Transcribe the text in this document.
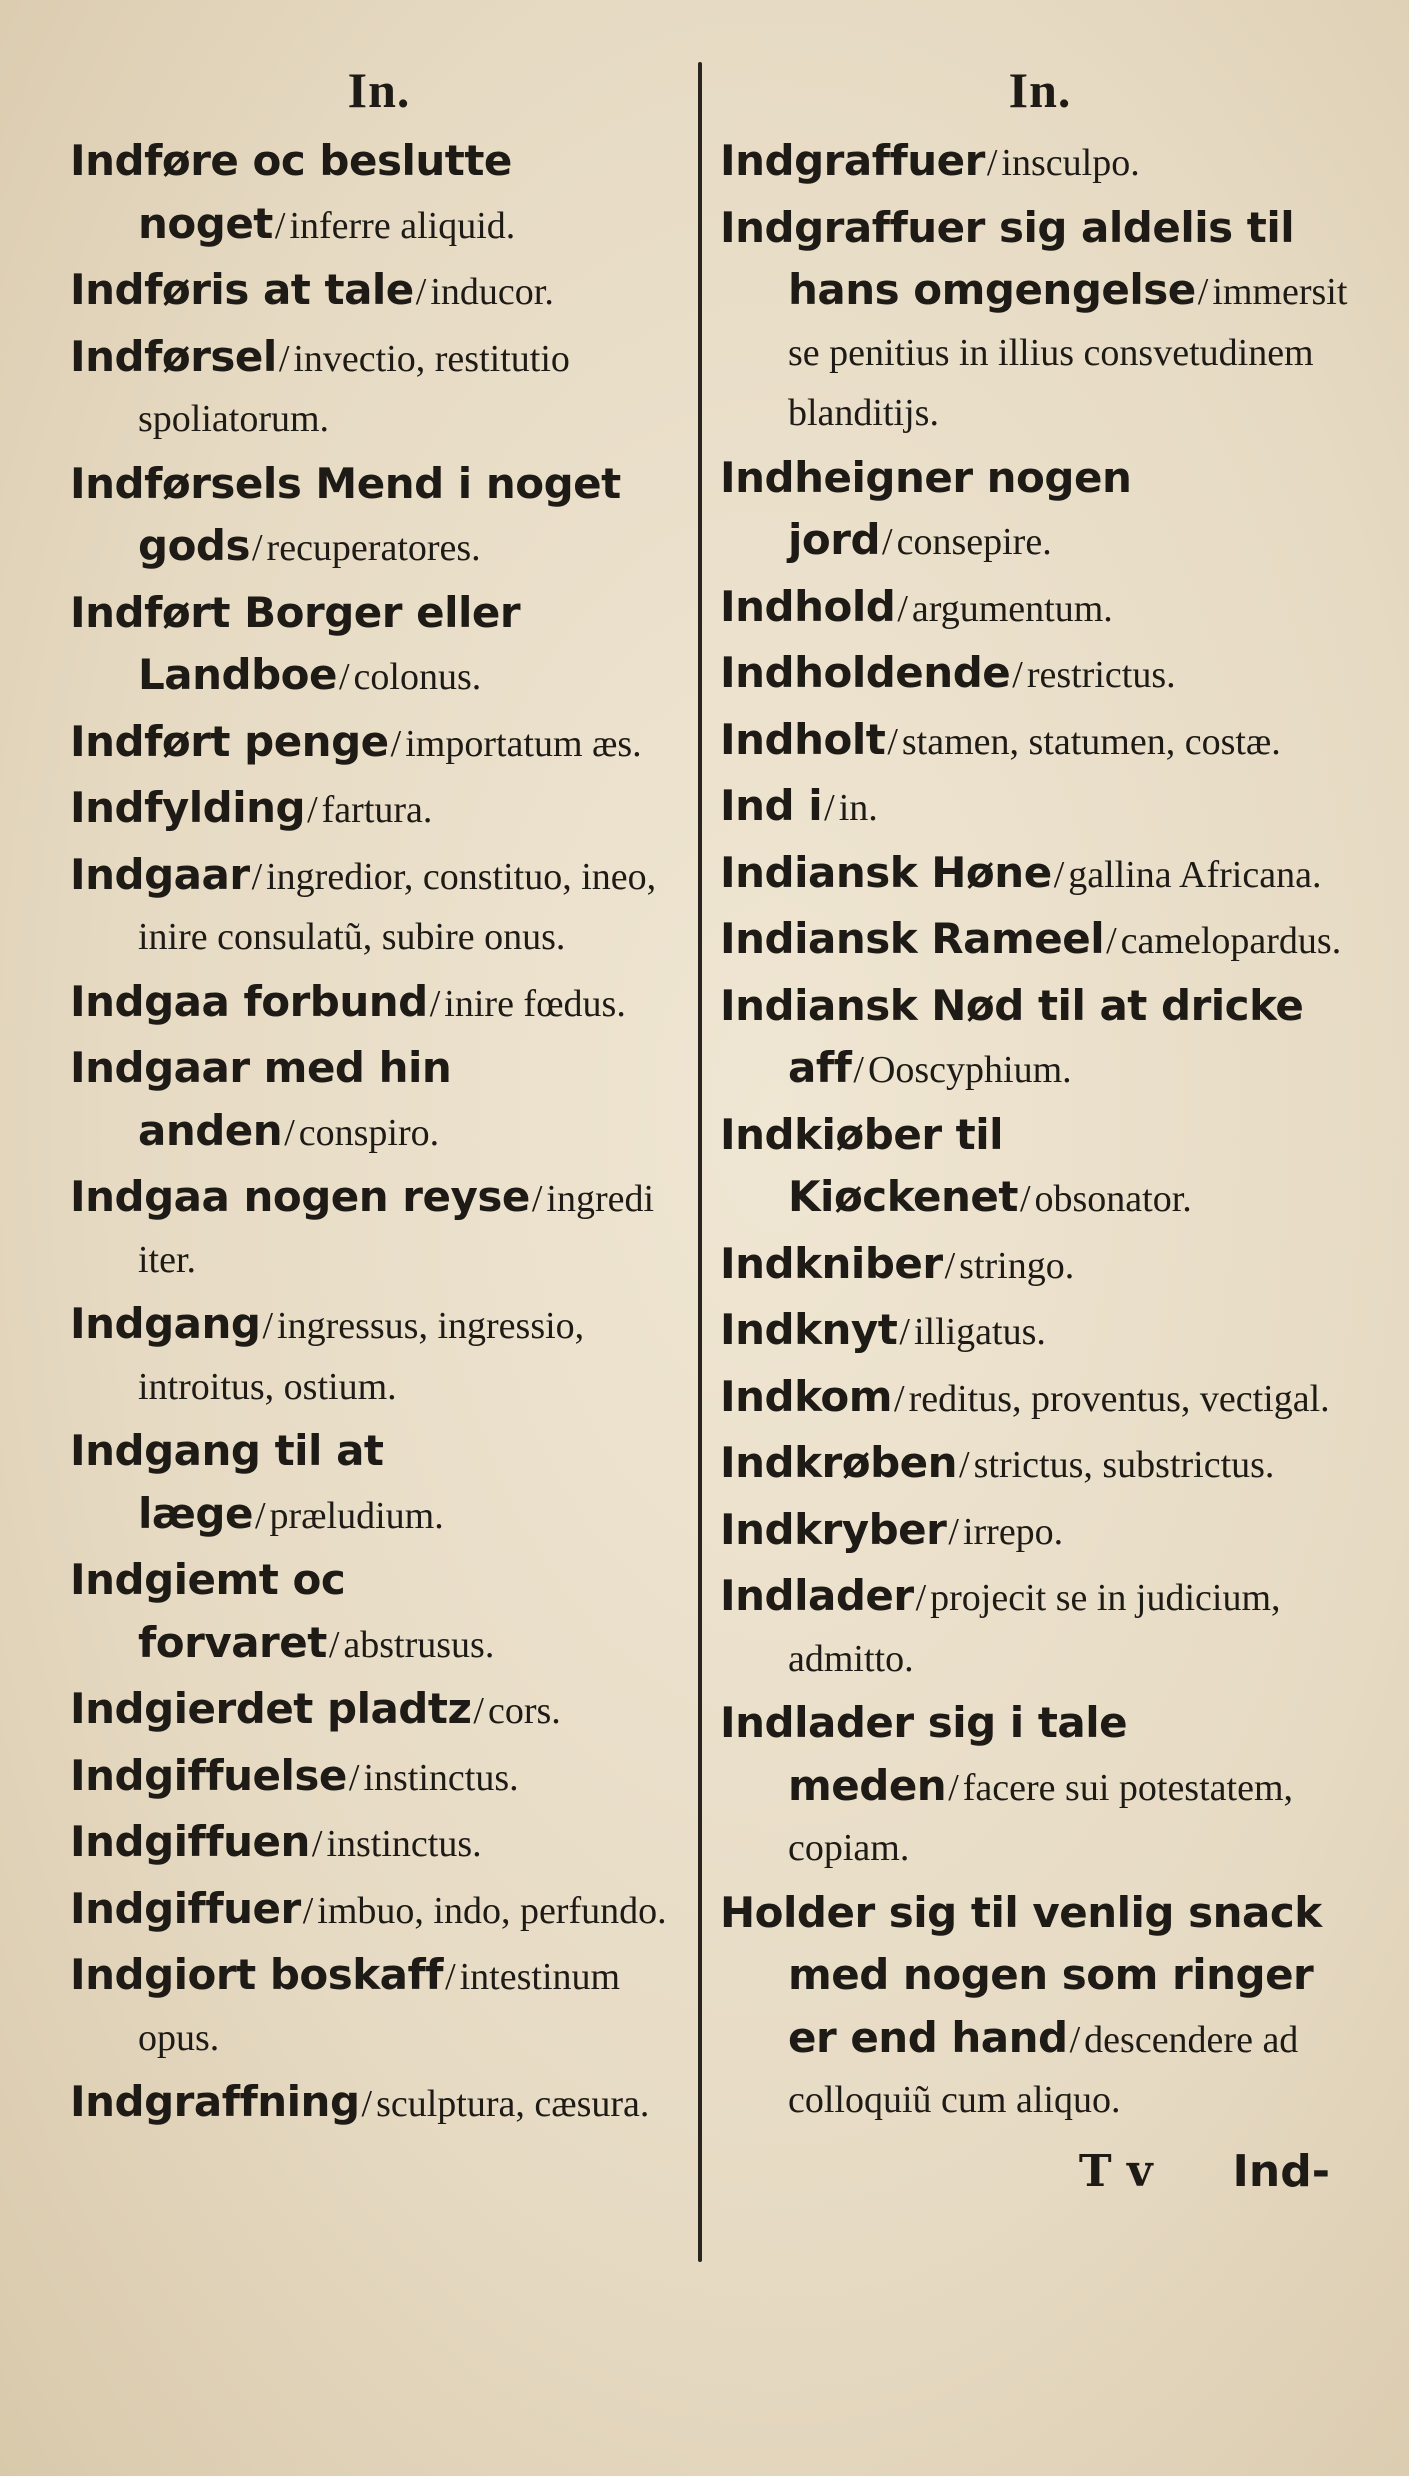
In.
Indføre oc beslutte noget/ inferre aliquid.
Indføris at tale/ inducor.
Indførsel/ invectio, restitutio spoliatorum.
Indførsels Mend i noget gods/ recuperatores.
Indført Borger eller Landboe/ colonus.
Indført penge/ importatum æs.
Indfylding/ fartura.
Indgaar/ ingredior, constituo, ineo, inire consulatũ, subire onus.
Indgaa forbund/ inire fœdus.
Indgaar med hin anden/ conspiro.
Indgaa nogen reyse/ ingredi iter.
Indgang/ ingressus, ingressio, introitus, ostium.
Indgang til at læge/ præludium.
Indgiemt oc forvaret/ abstrusus.
Indgierdet pladtz/ cors.
Indgiffuelse/ instinctus.
Indgiffuen/ instinctus.
Indgiffuer/ imbuo, indo, perfundo.
Indgiort boskaff/ intestinum opus.
Indgraffning/ sculptura, cæsura.
In.
Indgraffuer/ insculpo.
Indgraffuer sig aldelis til hans omgengelse/ immersit se penitius in illius consvetudinem blanditijs.
Indheigner nogen jord/ consepire.
Indhold/ argumentum.
Indholdende/ restrictus.
Indholt/ stamen, statumen, costæ.
Ind i/ in.
Indiansk Høne/ gallina Africana.
Indiansk Rameel/ camelopardus.
Indiansk Nød til at dricke aff/ Ooscyphium.
Indkiøber til Kiøckenet/ obsonator.
Indkniber/ stringo.
Indknyt/ illigatus.
Indkom/ reditus, proventus, vectigal.
Indkrøben/ strictus, substrictus.
Indkryber/ irrepo.
Indlader/ projecit se in judicium, admitto.
Indlader sig i tale meden/ facere sui potestatem, copiam.
Holder sig til venlig snack med nogen som ringer er end hand/ descendere ad colloquiũ cum aliquo.
T v Ind-
